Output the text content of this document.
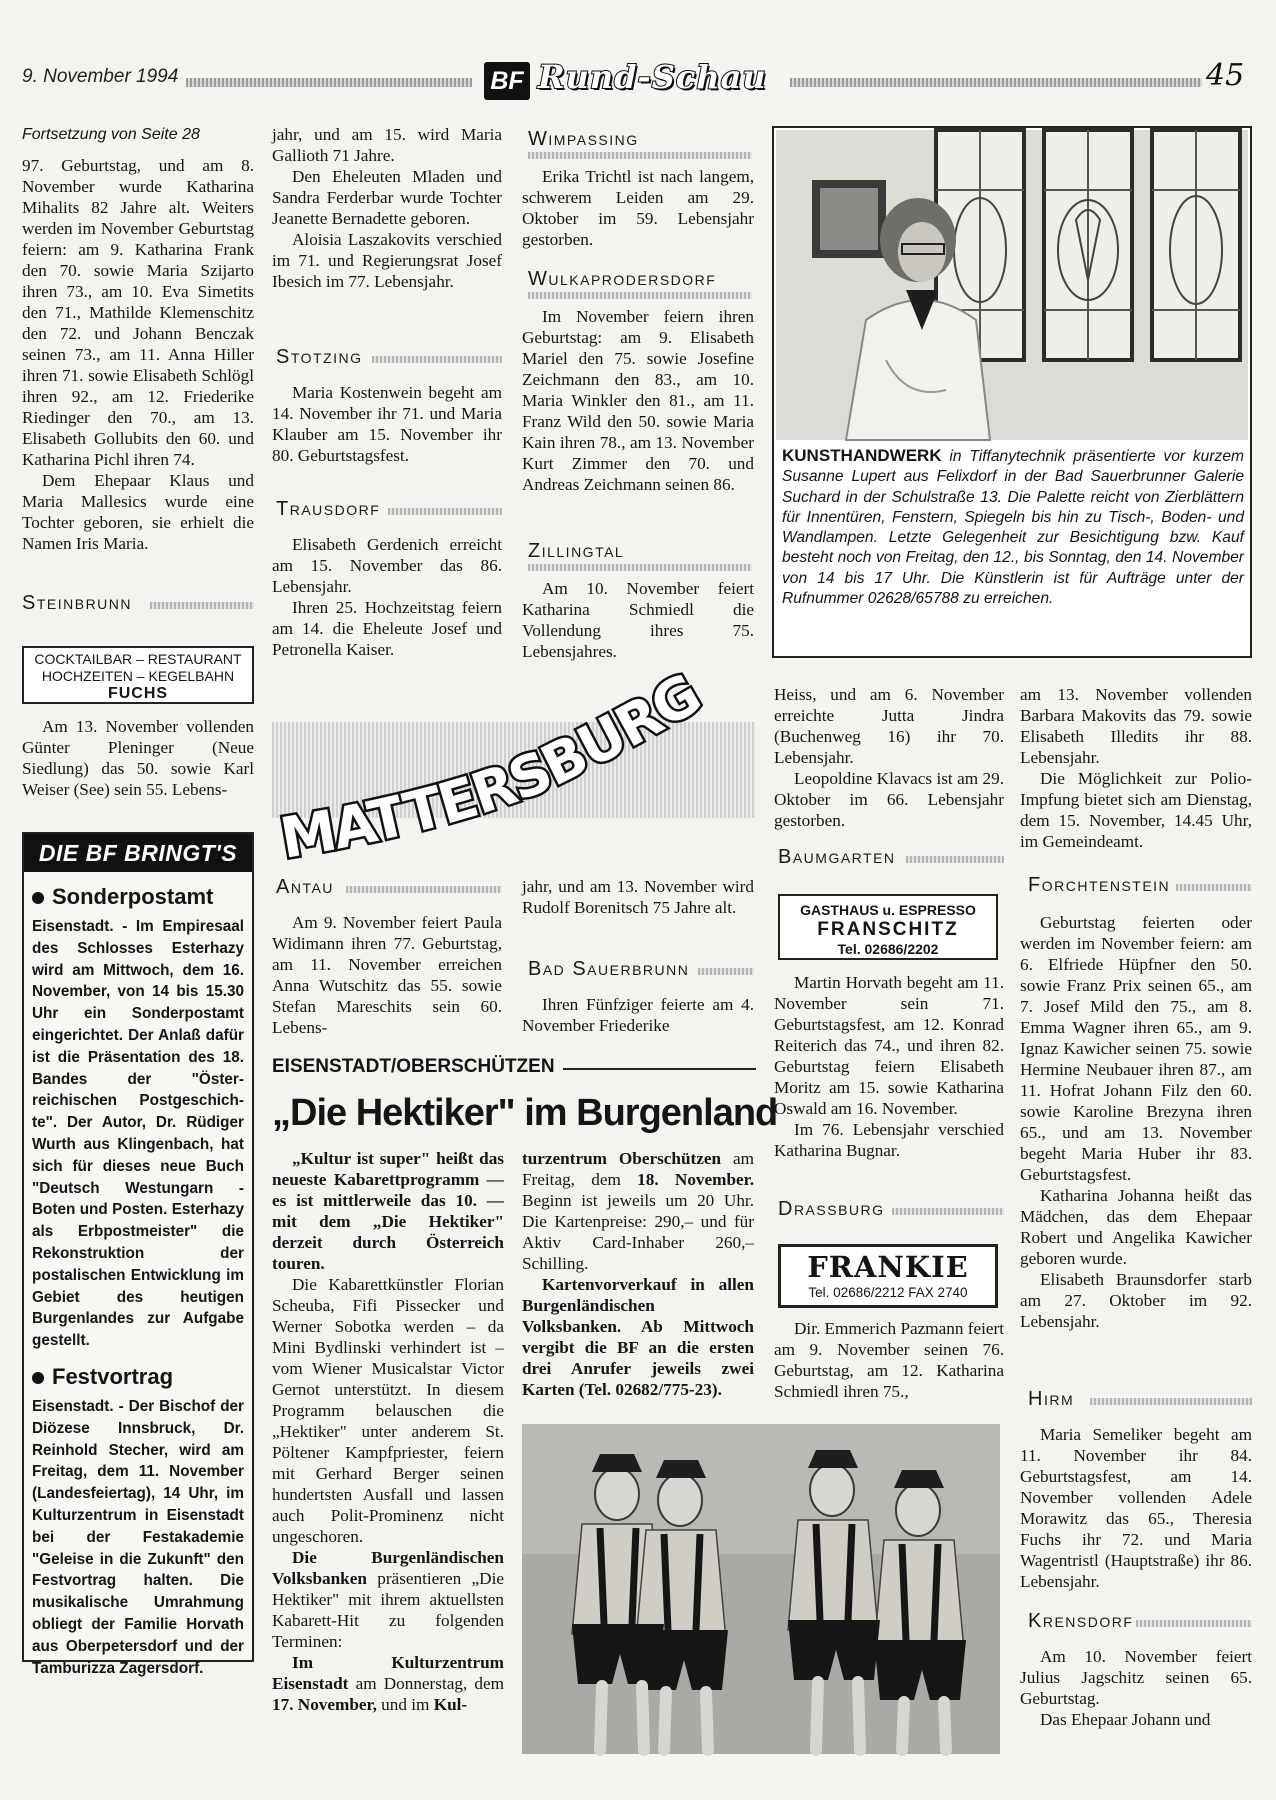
9. November 1994	BF Rund-Schau	45

Fortsetzung von Seite 28

97. Geburtstag, und am 8. November wurde Katharina Mihalits 82 Jahre alt. Weiters werden im November Geburtstag feiern: am 9. Katharina Frank den 70. sowie Maria Szijarto ihren 73., am 10. Eva Simetits den 71., Mathilde Klemenschitz den 72. und Johann Benczak seinen 73., am 11. Anna Hiller ihren 71. sowie Elisabeth Schlögl ihren 92., am 12. Friederike Riedinger den 70., am 13. Elisabeth Gollubits den 60. und Katharina Pichl ihren 74.

Dem Ehepaar Klaus und Maria Mallesics wurde eine Tochter geboren, sie erhielt die Namen Iris Maria.

Steinbrunn
COCKTAILBAR – RESTAURANT
HOCHZEITEN – KEGELBAHN
FUCHS

Am 13. November vollenden Günter Pleninger (Neue Siedlung) das 50. sowie Karl Weiser (See) sein 55. Lebens-

DIE BF BRINGT'S
Sonderpostamt
Eisenstadt. - Im Empiresaal des Schlosses Esterhazy wird am Mittwoch, dem 16. November, von 14 bis 15.30 Uhr ein Sonderpostamt eingerichtet. Der Anlaß dafür ist die Präsentation des 18. Bandes der "Österreichischen Postgeschichte". Der Autor, Dr. Rüdiger Wurth aus Klingenbach, hat sich für dieses neue Buch "Deutsch Westungarn - Boten und Posten. Esterhazy als Erbpostmeister" die Rekonstruktion der postalischen Entwicklung im Gebiet des heutigen Burgenlandes zur Aufgabe gestellt.
Festvortrag
Eisenstadt. - Der Bischof der Diözese Innsbruck, Dr. Reinhold Stecher, wird am Freitag, dem 11. November (Landesfeiertag), 14 Uhr, im Kulturzentrum in Eisenstadt bei der Festakademie "Geleise in die Zukunft" den Festvortrag halten. Die musikalische Umrahmung obliegt der Familie Horvath aus Oberpetersdorf und der Tamburizza Zagersdorf.

jahr, und am 15. wird Maria Gallioth 71 Jahre.

Den Eheleuten Mladen und Sandra Ferderbar wurde Tochter Jeanette Bernadette geboren.

Aloisia Laszakovits verschied im 71. und Regierungsrat Josef Ibesich im 77. Lebensjahr.

Stotzing

Maria Kostenwein begeht am 14. November ihr 71. und Maria Klauber am 15. November ihr 80. Geburtstagsfest.

Trausdorf

Elisabeth Gerdenich erreicht am 15. November das 86. Lebensjahr.

Ihren 25. Hochzeitstag feiern am 14. die Eheleute Josef und Petronella Kaiser.

Wimpassing

Erika Trichtl ist nach langem, schwerem Leiden am 29. Oktober im 59. Lebensjahr gestorben.

Wulkaprodersdorf

Im November feiern ihren Geburtstag: am 9. Elisabeth Mariel den 75. sowie Josefine Zeichmann den 83., am 10. Maria Winkler den 81., am 11. Franz Wild den 50. sowie Maria Kain ihren 78., am 13. November Kurt Zimmer den 70. und Andreas Zeichmann seinen 86.

Zillingtal

Am 10. November feiert Katharina Schmiedl die Vollendung ihres 75. Lebensjahres.

KUNSTHANDWERK in Tiffanytechnik präsentierte vor kurzem Susanne Lupert aus Felixdorf in der Bad Sauerbrunner Galerie Suchard in der Schulstraße 13. Die Palette reicht von Zierblättern für Innentüren, Fenstern, Spiegeln bis hin zu Tisch-, Boden- und Wandlampen. Letzte Gelegenheit zur Besichtigung bzw. Kauf besteht noch von Freitag, den 12., bis Sonntag, den 14. November von 14 bis 17 Uhr. Die Künstlerin ist für Aufträge unter der Rufnummer 02628/65788 zu erreichen.
MATTERSBURG
Antau

Am 9. November feiert Paula Widimann ihren 77. Geburtstag, am 11. November erreichen Anna Wutschitz das 55. sowie Stefan Mareschits sein 60. Lebens-

jahr, und am 13. November wird Rudolf Borenitsch 75 Jahre alt.

Bad Sauerbrunn

Ihren Fünfziger feierte am 4. November Friederike

EISENSTADT/OBERSCHÜTZEN
„Die Hektiker" im Burgenland

„Kultur ist super" heißt das neueste Kabarettprogramm — es ist mittlerweile das 10. — mit dem „Die Hektiker" derzeit durch Österreich touren.

Die Kabarettkünstler Florian Scheuba, Fifi Pissecker und Werner Sobotka werden – da Mini Bydlinski verhindert ist – vom Wiener Musicalstar Victor Gernot unterstützt. In diesem Programm belauschen die „Hektiker" unter anderem St. Pöltener Kampfpriester, feiern mit Gerhard Berger seinen hundertsten Ausfall und lassen auch Polit-Prominenz nicht ungeschoren.

Die Burgenländischen Volksbanken präsentieren „Die Hektiker" mit ihrem aktuellsten Kabarett-Hit zu folgenden Terminen:

Im Kulturzentrum Eisenstadt am Donnerstag, dem 17. November, und im Kul-

turzentrum Oberschützen am Freitag, dem 18. November. Beginn ist jeweils um 20 Uhr. Die Kartenpreise: 290,– und für Aktiv Card-Inhaber 260,– Schilling.

Kartenvorverkauf in allen Burgenländischen Volksbanken. Ab Mittwoch vergibt die BF an die ersten drei Anrufer jeweils zwei Karten (Tel. 02682/775-23).

Heiss, und am 6. November erreichte Jutta Jindra (Buchenweg 16) ihr 70. Lebensjahr.

Leopoldine Klavacs ist am 29. Oktober im 66. Lebensjahr gestorben.

Baumgarten
GASTHAUS u. ESPRESSO
FRANSCHITZ
Tel. 02686/2202

Martin Horvath begeht am 11. November sein 71. Geburtstagsfest, am 12. Konrad Reiterich das 74., und ihren 82. Geburtstag feiern Elisabeth Moritz am 15. sowie Katharina Oswald am 16. November.

Im 76. Lebensjahr verschied Katharina Bugnar.

Drassburg
FRANKIE
Tel. 02686/2212 FAX 2740

Dir. Emmerich Pazmann feiert am 9. November seinen 76. Geburtstag, am 12. Katharina Schmiedl ihren 75.,

am 13. November vollenden Barbara Makovits das 79. sowie Elisabeth Illedits ihr 88. Lebensjahr.

Die Möglichkeit zur Polio-Impfung bietet sich am Dienstag, dem 15. November, 14.45 Uhr, im Gemeindeamt.

Forchtenstein

Geburtstag feierten oder werden im November feiern: am 6. Elfriede Hüpfner den 50. sowie Franz Prix seinen 65., am 7. Josef Mild den 75., am 8. Emma Wagner ihren 65., am 9. Ignaz Kawicher seinen 75. sowie Hermine Neubauer ihren 87., am 11. Hofrat Johann Filz den 60. sowie Karoline Brezyna ihren 65., und am 13. November begeht Maria Huber ihr 83. Geburtstagsfest.

Katharina Johanna heißt das Mädchen, das dem Ehepaar Robert und Angelika Kawicher geboren wurde.

Elisabeth Braunsdorfer starb am 27. Oktober im 92. Lebensjahr.

Hirm

Maria Semeliker begeht am 11. November ihr 84. Geburtstagsfest, am 14. November vollenden Adele Morawitz das 65., Theresia Fuchs ihr 72. und Maria Wagentristl (Hauptstraße) ihr 86. Lebensjahr.

Krensdorf

Am 10. November feiert Julius Jagschitz seinen 65. Geburtstag.

Das Ehepaar Johann und
